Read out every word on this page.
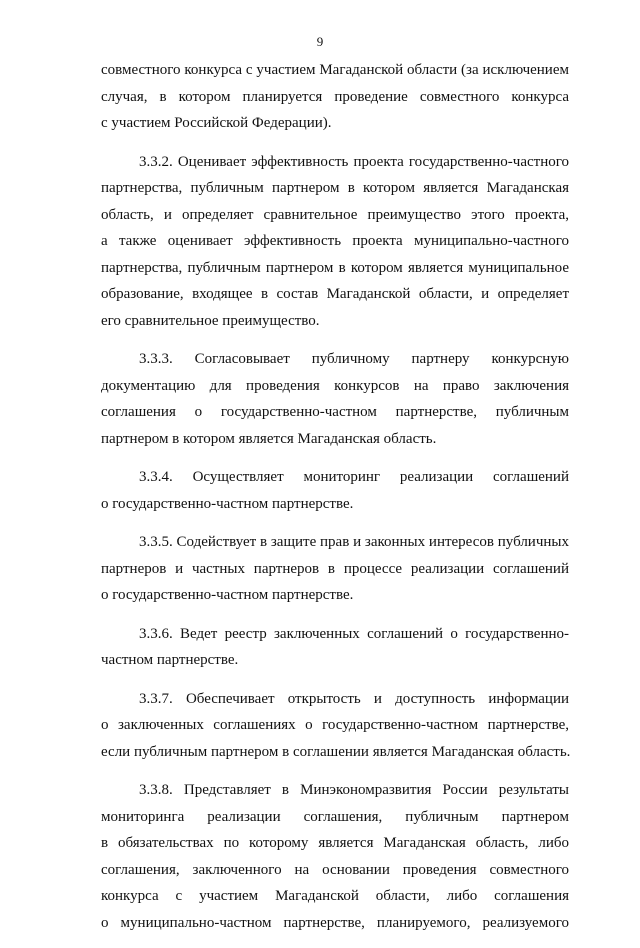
9

совместного конкурса с участием Магаданской области (за исключением
случая, в котором планируется проведение совместного конкурса
с участием Российской Федерации).

3.3.2. Оценивает эффективность проекта государственно-частного
партнерства, публичным партнером в котором является Магаданская
область, и определяет сравнительное преимущество этого проекта,
а также оценивает эффективность проекта муниципально-частного
партнерства, публичным партнером в котором является муниципальное
образование, входящее в состав Магаданской области, и определяет
его сравнительное преимущество.

3.3.3. Согласовывает публичному партнеру конкурсную
документацию для проведения конкурсов на право заключения
соглашения о государственно-частном партнерстве, публичным
партнером в котором является Магаданская область.

3.3.4. Осуществляет мониторинг реализации соглашений
о государственно-частном партнерстве.

3.3.5. Содействует в защите прав и законных интересов публичных
партнеров и частных партнеров в процессе реализации соглашений
о государственно-частном партнерстве.

3.3.6. Ведет реестр заключенных соглашений о государственно-
частном партнерстве.

3.3.7. Обеспечивает открытость и доступность информации
о заключенных соглашениях о государственно-частном партнерстве,
если публичным партнером в соглашении является Магаданская область.

3.3.8. Представляет в Минэкономразвития России результаты
мониторинга реализации соглашения, публичным партнером
в обязательствах по которому является Магаданская область, либо
соглашения, заключенного на основании проведения совместного
конкурса с участием Магаданской области, либо соглашения
о муниципально-частном партнерстве, планируемого, реализуемого
